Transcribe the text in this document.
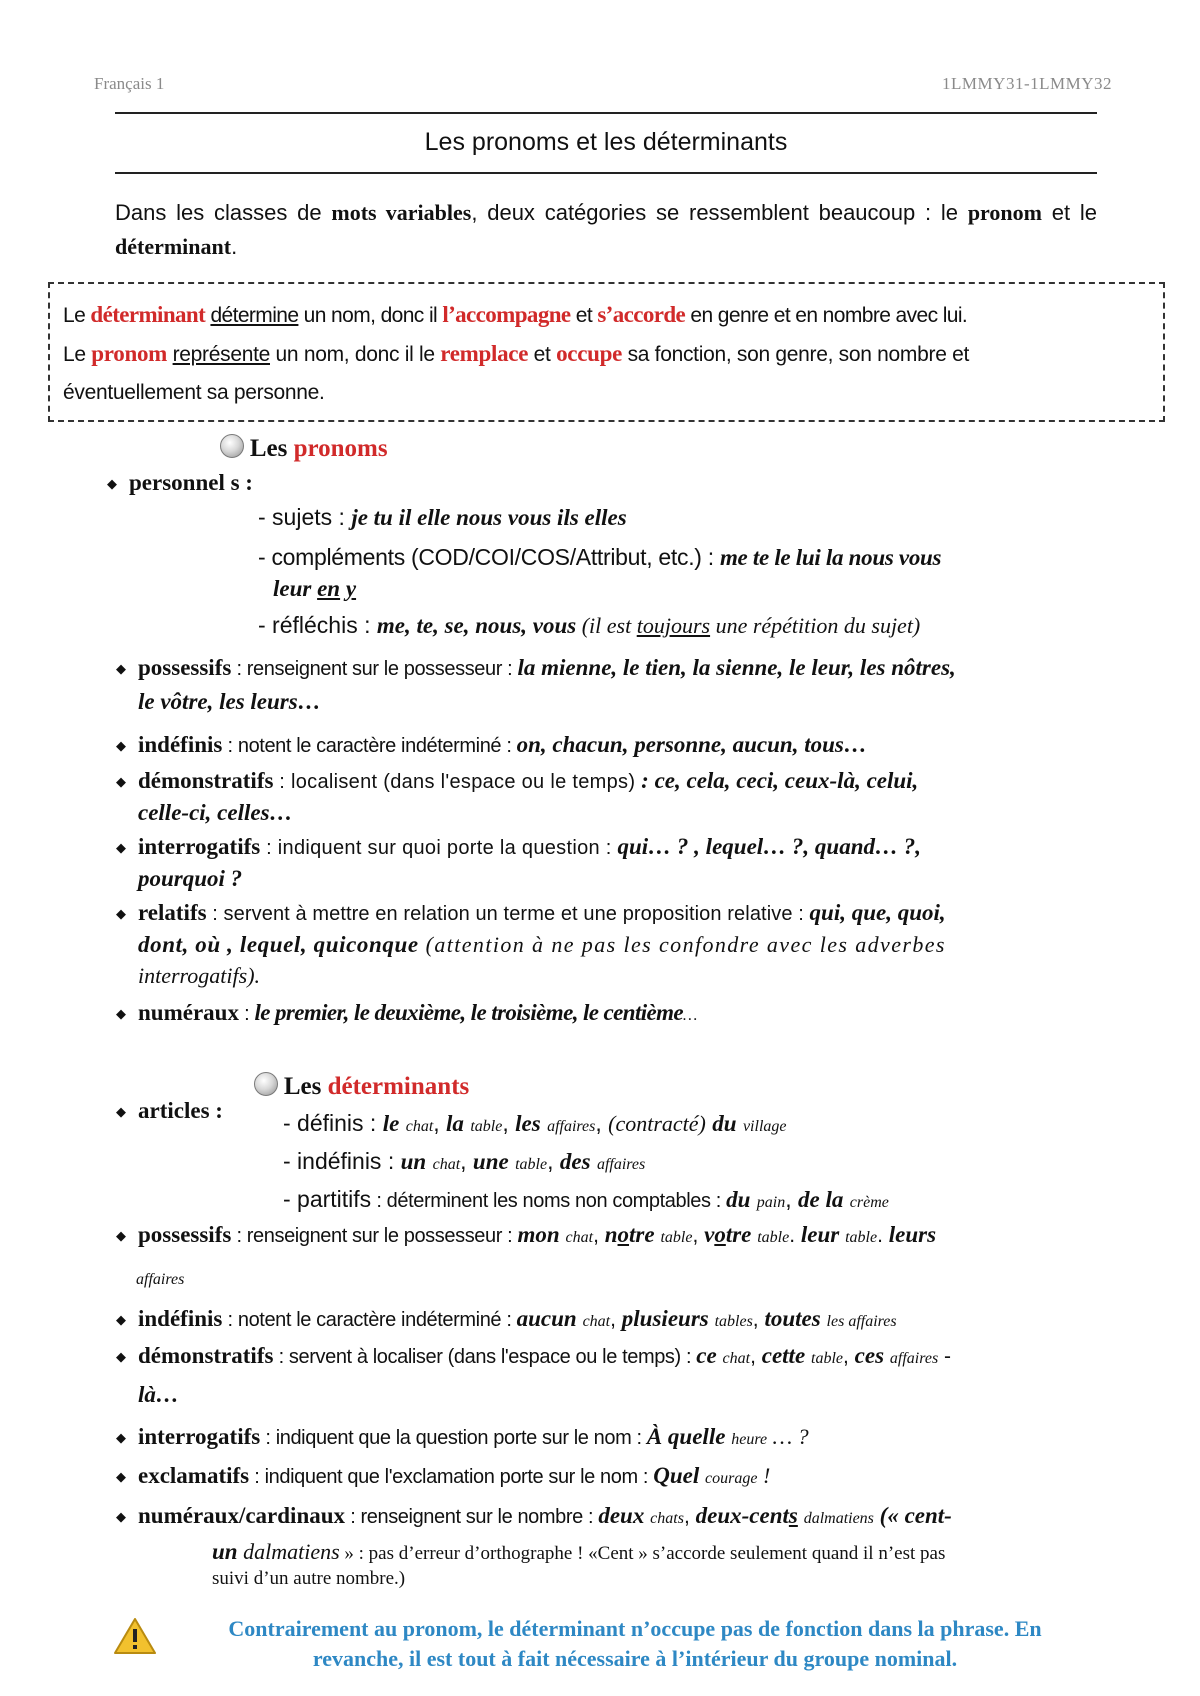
Français 1	1LMMY31-1LMMY32
Les pronoms et les déterminants
Dans les classes de mots variables, deux catégories se ressemblent beaucoup : le pronom et le déterminant.
Le déterminant détermine un nom, donc il l’accompagne et s’accorde en genre et en nombre avec lui.
Le pronom représente un nom, donc il le remplace et occupe sa fonction, son genre, son nombre et
éventuellement sa personne.
Les pronoms
◆ personnel s :
- sujets : je tu il elle nous vous ils elles
- compléments (COD/COI/COS/Attribut, etc.) : me te le lui la nous vous
leur en y
- réfléchis : me, te, se, nous, vous (il est toujours une répétition du sujet)
◆ possessifs : renseignent sur le possesseur : la mienne, le tien, la sienne, le leur, les nôtres,
le vôtre, les leurs…
◆ indéfinis : notent le caractère indéterminé : on, chacun, personne, aucun, tous…
◆ démonstratifs : localisent (dans l'espace ou le temps) : ce, cela, ceci, ceux-là, celui,
celle-ci, celles…
◆ interrogatifs : indiquent sur quoi porte la question : qui… ? , lequel… ?, quand… ?,
pourquoi ?
◆ relatifs : servent à mettre en relation un terme et une proposition relative : qui, que, quoi,
dont, où , lequel, quiconque (attention à ne pas les confondre avec les adverbes
interrogatifs).
◆ numéraux : le premier, le deuxième, le troisième, le centième…
Les déterminants
◆ articles :	- définis : le chat, la table, les affaires, (contracté) du village
- indéfinis : un chat, une table, des affaires
- partitifs : déterminent les noms non comptables : du pain, de la crème
◆ possessifs : renseignent sur le possesseur : mon chat, notre table, votre table. leur table. leurs
affaires
◆ indéfinis : notent le caractère indéterminé : aucun chat, plusieurs tables, toutes les affaires
◆ démonstratifs : servent à localiser (dans l'espace ou le temps) : ce chat, cette table, ces affaires -
là…
◆ interrogatifs : indiquent que la question porte sur le nom : À quelle heure … ?
◆ exclamatifs : indiquent que l'exclamation porte sur le nom : Quel courage !
◆ numéraux/cardinaux : renseignent sur le nombre : deux chats, deux-cents dalmatiens (« cent-
un dalmatiens » : pas d’erreur d’orthographe ! «Cent » s’accorde seulement quand il n’est pas
suivi d’un autre nombre.)
Contrairement au pronom, le déterminant n’occupe pas de fonction dans la phrase. En
revanche, il est tout à fait nécessaire à l’intérieur du groupe nominal.
